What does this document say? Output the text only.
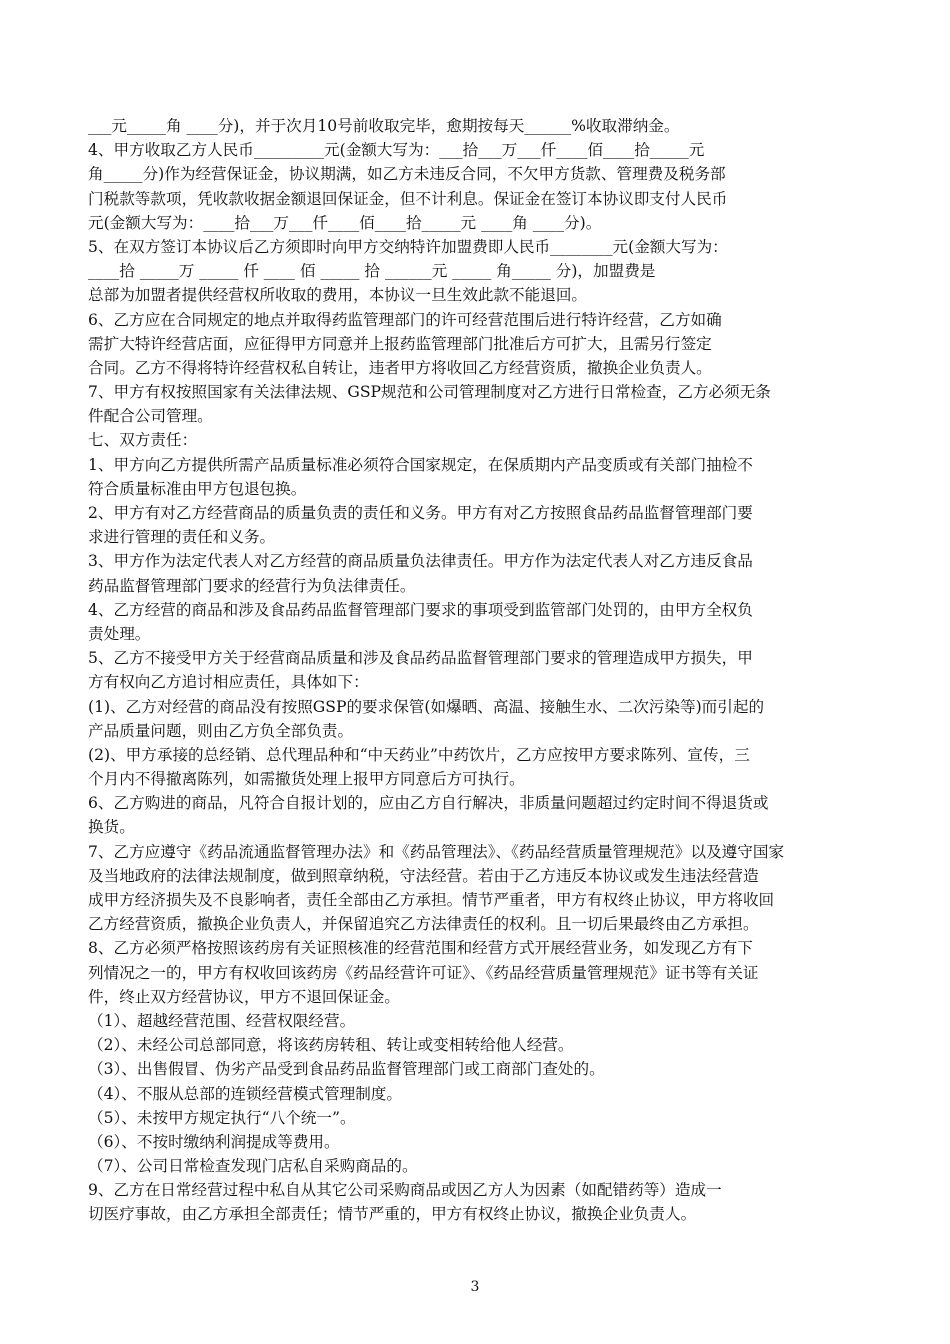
___元_____角 ____分)，并于次月10号前收取完毕，愈期按每天______%收取滞纳金。
4、甲方收取乙方人民币_________元(金额大写为：___拾___万___仟____佰____拾_____元
角_____分)作为经营保证金，协议期满，如乙方未违反合同，不欠甲方货款、管理费及税务部
门税款等款项，凭收款收据金额退回保证金，但不计利息。保证金在签订本协议即支付人民币
元(金额大写为：____拾___万___仟____佰____拾_____元 ____角 ____分)。
5、在双方签订本协议后乙方须即时向甲方交纳特许加盟费即人民币________元(金额大写为：
____拾 _____万 _____ 仟 ____ 佰 _____ 拾 ______元 _____ 角_____ 分)，加盟费是
总部为加盟者提供经营权所收取的费用，本协议一旦生效此款不能退回。
6、乙方应在合同规定的地点并取得药监管理部门的许可经营范围后进行特许经营，乙方如确
需扩大特许经营店面，应征得甲方同意并上报药监管理部门批准后方可扩大，且需另行签定
合同。乙方不得将特许经营权私自转让，违者甲方将收回乙方经营资质，撤换企业负责人。
7、甲方有权按照国家有关法律法规、GSP规范和公司管理制度对乙方进行日常检查，乙方必须无条
件配合公司管理。
七、双方责任：
1、甲方向乙方提供所需产品质量标准必须符合国家规定，在保质期内产品变质或有关部门抽检不
符合质量标准由甲方包退包换。
2、甲方有对乙方经营商品的质量负责的责任和义务。甲方有对乙方按照食品药品监督管理部门要
求进行管理的责任和义务。
3、甲方作为法定代表人对乙方经营的商品质量负法律责任。甲方作为法定代表人对乙方违反食品
药品监督管理部门要求的经营行为负法律责任。
4、乙方经营的商品和涉及食品药品监督管理部门要求的事项受到监管部门处罚的，由甲方全权负
责处理。
5、乙方不接受甲方关于经营商品质量和涉及食品药品监督管理部门要求的管理造成甲方损失，甲
方有权向乙方追讨相应责任，具体如下：
(1)、乙方对经营的商品没有按照GSP的要求保管(如爆晒、高温、接触生水、二次污染等)而引起的
产品质量问题，则由乙方负全部负责。
(2)、甲方承接的总经销、总代理品种和“中天药业”中药饮片，乙方应按甲方要求陈列、宣传，三
个月内不得撤离陈列，如需撤货处理上报甲方同意后方可执行。
6、乙方购进的商品，凡符合自报计划的，应由乙方自行解决，非质量问题超过约定时间不得退货或
换货。
7、乙方应遵守《药品流通监督管理办法》和《药品管理法》、《药品经营质量管理规范》以及遵守国家
及当地政府的法律法规制度，做到照章纳税，守法经营。若由于乙方违反本协议或发生违法经营造
成甲方经济损失及不良影响者，责任全部由乙方承担。情节严重者，甲方有权终止协议，甲方将收回
乙方经营资质，撤换企业负责人，并保留追究乙方法律责任的权利。且一切后果最终由乙方承担。
8、乙方必须严格按照该药房有关证照核准的经营范围和经营方式开展经营业务，如发现乙方有下
列情况之一的，甲方有权收回该药房《药品经营许可证》、《药品经营质量管理规范》证书等有关证
件，终止双方经营协议，甲方不退回保证金。
（1）、超越经营范围、经营权限经营。
（2）、未经公司总部同意，将该药房转租、转让或变相转给他人经营。
（3）、出售假冒、伪劣产品受到食品药品监督管理部门或工商部门查处的。
（4）、不服从总部的连锁经营模式管理制度。
（5）、未按甲方规定执行“八个统一”。
（6）、不按时缴纳利润提成等费用。
（7）、公司日常检查发现门店私自采购商品的。
9、乙方在日常经营过程中私自从其它公司采购商品或因乙方人为因素（如配错药等）造成一
切医疗事故，由乙方承担全部责任；情节严重的，甲方有权终止协议，撤换企业负责人。
3
